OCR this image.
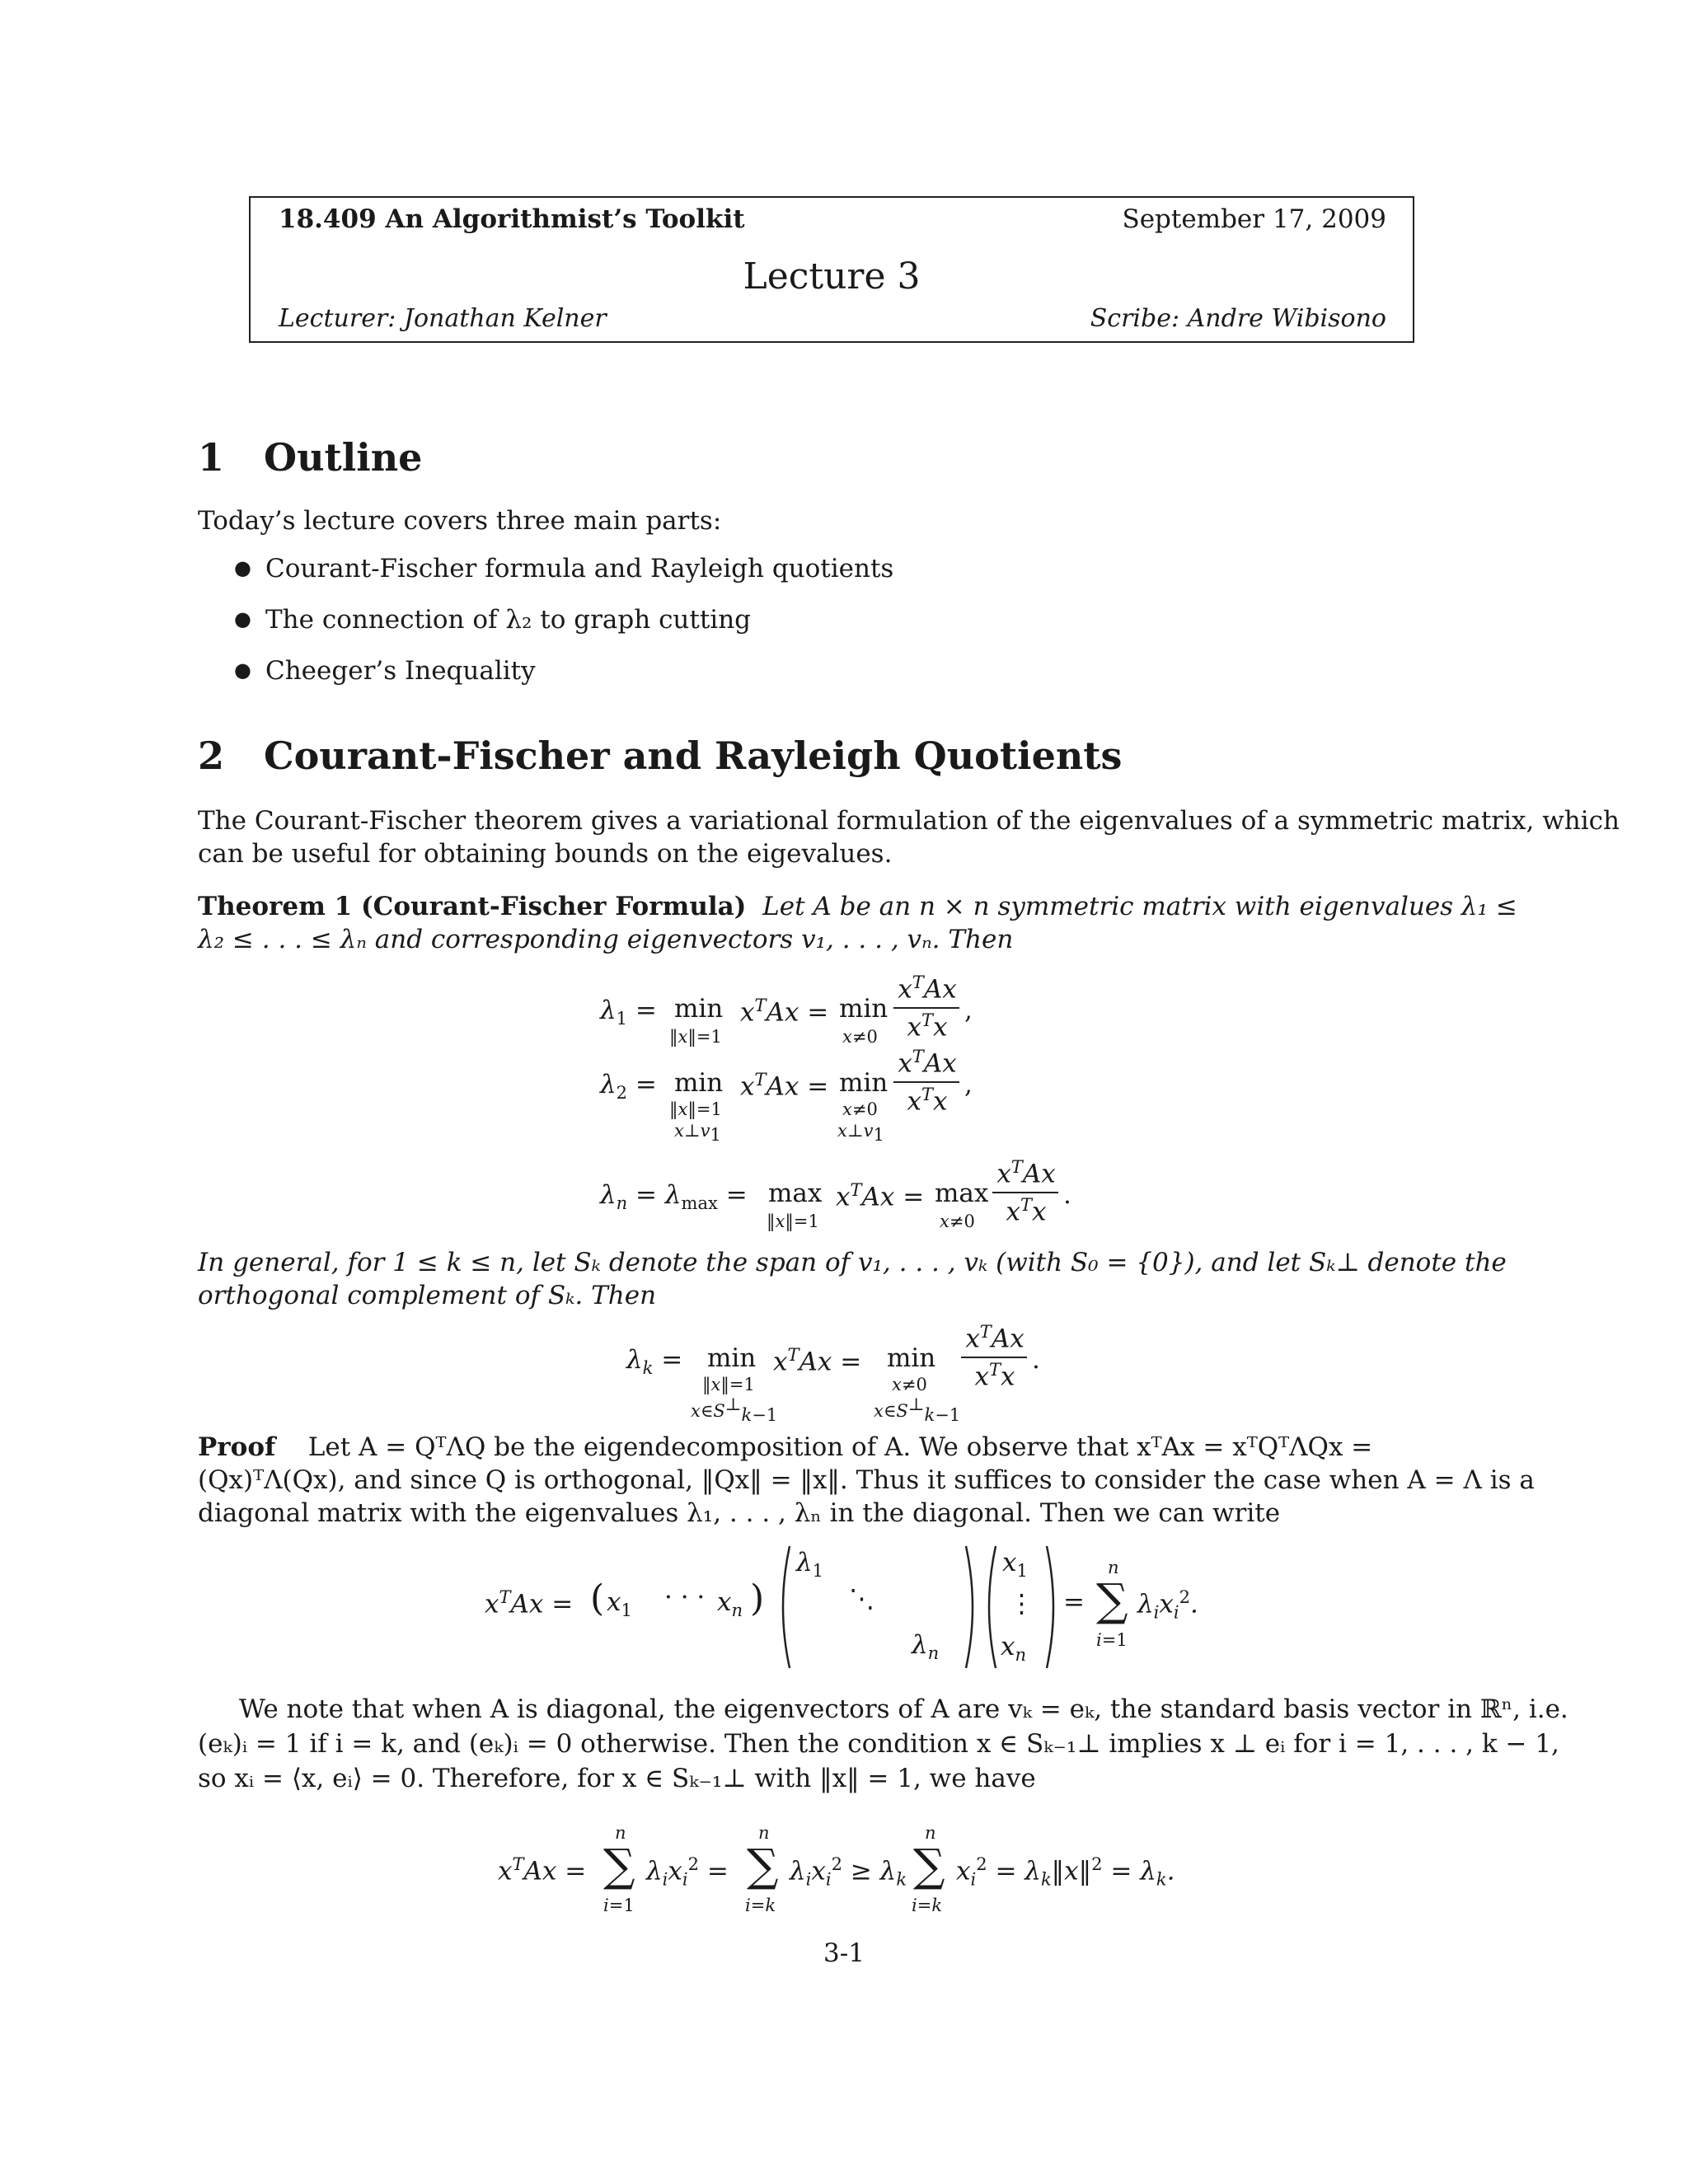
18.409 An Algorithmist’s Toolkit	September 17, 2009
Lecture 3
Lecturer: Jonathan Kelner	Scribe: Andre Wibisono
1 Outline
Today’s lecture covers three main parts:
● Courant-Fischer formula and Rayleigh quotients
● The connection of λ₂ to graph cutting
● Cheeger’s Inequality
2 Courant-Fischer and Rayleigh Quotients
The Courant-Fischer theorem gives a variational formulation of the eigenvalues of a symmetric matrix, which
can be useful for obtaining bounds on the eigevalues.
Theorem 1 (Courant-Fischer Formula) Let A be an n × n symmetric matrix with eigenvalues λ₁ ≤
λ₂ ≤ . . . ≤ λₙ and corresponding eigenvectors v₁, . . . , vₙ. Then
$\lambda_1 = \min$
‖x‖=1
$x^TAx = \min$
x≠0
$x^TAx$
$x^Tx$
,
$\lambda_2 = \min$
‖x‖=1
$x\perp v_1$
$x^TAx = \min$
x≠0
$x\perp v_1$
$x^TAx$
$x^Tx$
,
$\lambda_n = \lambda_{max} = \max$
‖x‖=1
$x^TAx = \max$
x≠0
$x^TAx$
$x^Tx$
.
In general, for 1 ≤ k ≤ n, let Sₖ denote the span of v₁, . . . , vₖ (with S₀ = {0}), and let Sₖ⊥ denote the
orthogonal complement of Sₖ. Then
$\lambda_k = \min$
‖x‖=1
$x\in S^\perp_{k-1}$
$x^TAx = \min$
x≠0
$x\in S^\perp_{k-1}$
$x^TAx$
$x^Tx$
.
Proof Let A = QᵀΛQ be the eigendecomposition of A. We observe that xᵀAx = xᵀQᵀΛQx =
(Qx)ᵀΛ(Qx), and since Q is orthogonal, ‖Qx‖ = ‖x‖. Thus it suffices to consider the case when A = Λ is a
diagonal matrix with the eigenvalues λ₁, . . . , λₙ in the diagonal. Then we can write
$x^TAx$ = ( $x_1$ · · · $x_n$ )
$\lambda_1$
⋱
$\lambda_n$
$x_1$
⋮
$x_n$
=
n
∑
i=1
$\lambda_ix_i^2$.
We note that when A is diagonal, the eigenvectors of A are vₖ = eₖ, the standard basis vector in ℝⁿ, i.e.
(eₖ)ᵢ = 1 if i = k, and (eₖ)ᵢ = 0 otherwise. Then the condition x ∈ Sₖ₋₁⊥ implies x ⊥ eᵢ for i = 1, . . . , k − 1,
so xᵢ = ⟨x, eᵢ⟩ = 0. Therefore, for x ∈ Sₖ₋₁⊥ with ‖x‖ = 1, we have
$x^TAx$ =
n
∑
i=1
$\lambda_ix_i^2$ =
n
∑
i=k
$\lambda_ix_i^2 \ge \lambda_k$
n
∑
i=k
$x_i^2$ = $\lambda_k‖x‖^2 = \lambda_k$.
3-1
